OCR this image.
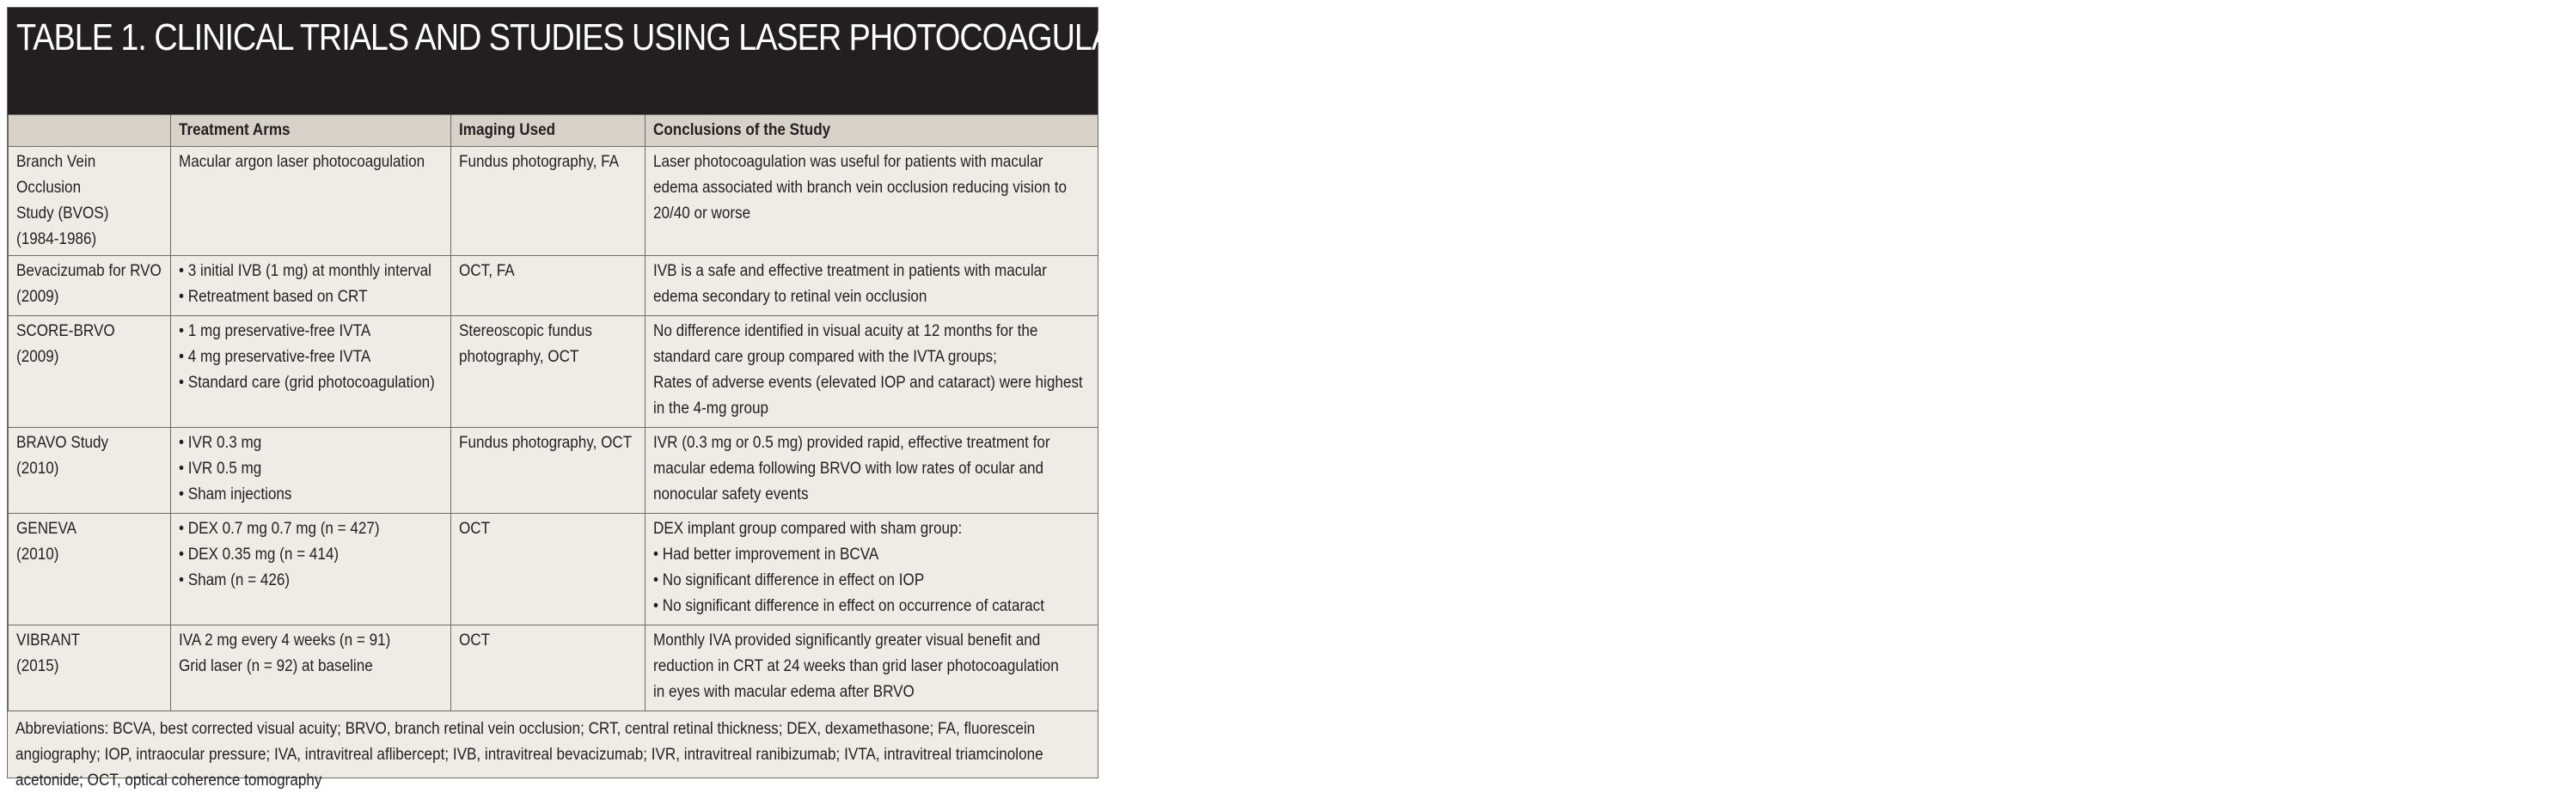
TABLE 1. CLINICAL TRIALS AND STUDIES USING LASER PHOTOCOAGULATION, ANTI-VEGF AGENTS, OR STEROIDS IN THE MANAGEMENT OF BRVO

	Treatment Arms	Imaging Used	Conclusions of the Study

Branch Vein Occlusion
Study (BVOS)
(1984-1986)	Macular argon laser photocoagulation	Fundus photography, FA	Laser photocoagulation was useful for patients with macular
edema associated with branch vein occlusion reducing vision to
20/40 or worse

Bevacizumab for RVO
(2009)	• 3 initial IVB (1 mg) at monthly interval
• Retreatment based on CRT	OCT, FA	IVB is a safe and effective treatment in patients with macular
edema secondary to retinal vein occlusion

SCORE-BRVO
(2009)	• 1 mg preservative-free IVTA
• 4 mg preservative-free IVTA
• Standard care (grid photocoagulation)	Stereoscopic fundus
photography, OCT	No difference identified in visual acuity at 12 months for the
standard care group compared with the IVTA groups;
Rates of adverse events (elevated IOP and cataract) were highest
in the 4-mg group

BRAVO Study
(2010)	• IVR 0.3 mg
• IVR 0.5 mg
• Sham injections	Fundus photography, OCT	IVR (0.3 mg or 0.5 mg) provided rapid, effective treatment for
macular edema following BRVO with low rates of ocular and
nonocular safety events

GENEVA
(2010)	• DEX 0.7 mg 0.7 mg (n = 427)
• DEX 0.35 mg (n = 414)
• Sham (n = 426)	OCT	DEX implant group compared with sham group:
• Had better improvement in BCVA
• No significant difference in effect on IOP
• No significant difference in effect on occurrence of cataract

VIBRANT
(2015)	IVA 2 mg every 4 weeks (n = 91)
Grid laser (n = 92) at baseline	OCT	Monthly IVA provided significantly greater visual benefit and
reduction in CRT at 24 weeks than grid laser photocoagulation
in eyes with macular edema after BRVO
Abbreviations: BCVA, best corrected visual acuity; BRVO, branch retinal vein occlusion; CRT, central retinal thickness; DEX, dexamethasone; FA, fluorescein angiography; IOP, intraocular pressure; IVA, intravitreal aflibercept; IVB, intravitreal bevacizumab; IVR, intravitreal ranibizumab; IVTA, intravitreal triamcinolone acetonide; OCT, optical coherence tomography
